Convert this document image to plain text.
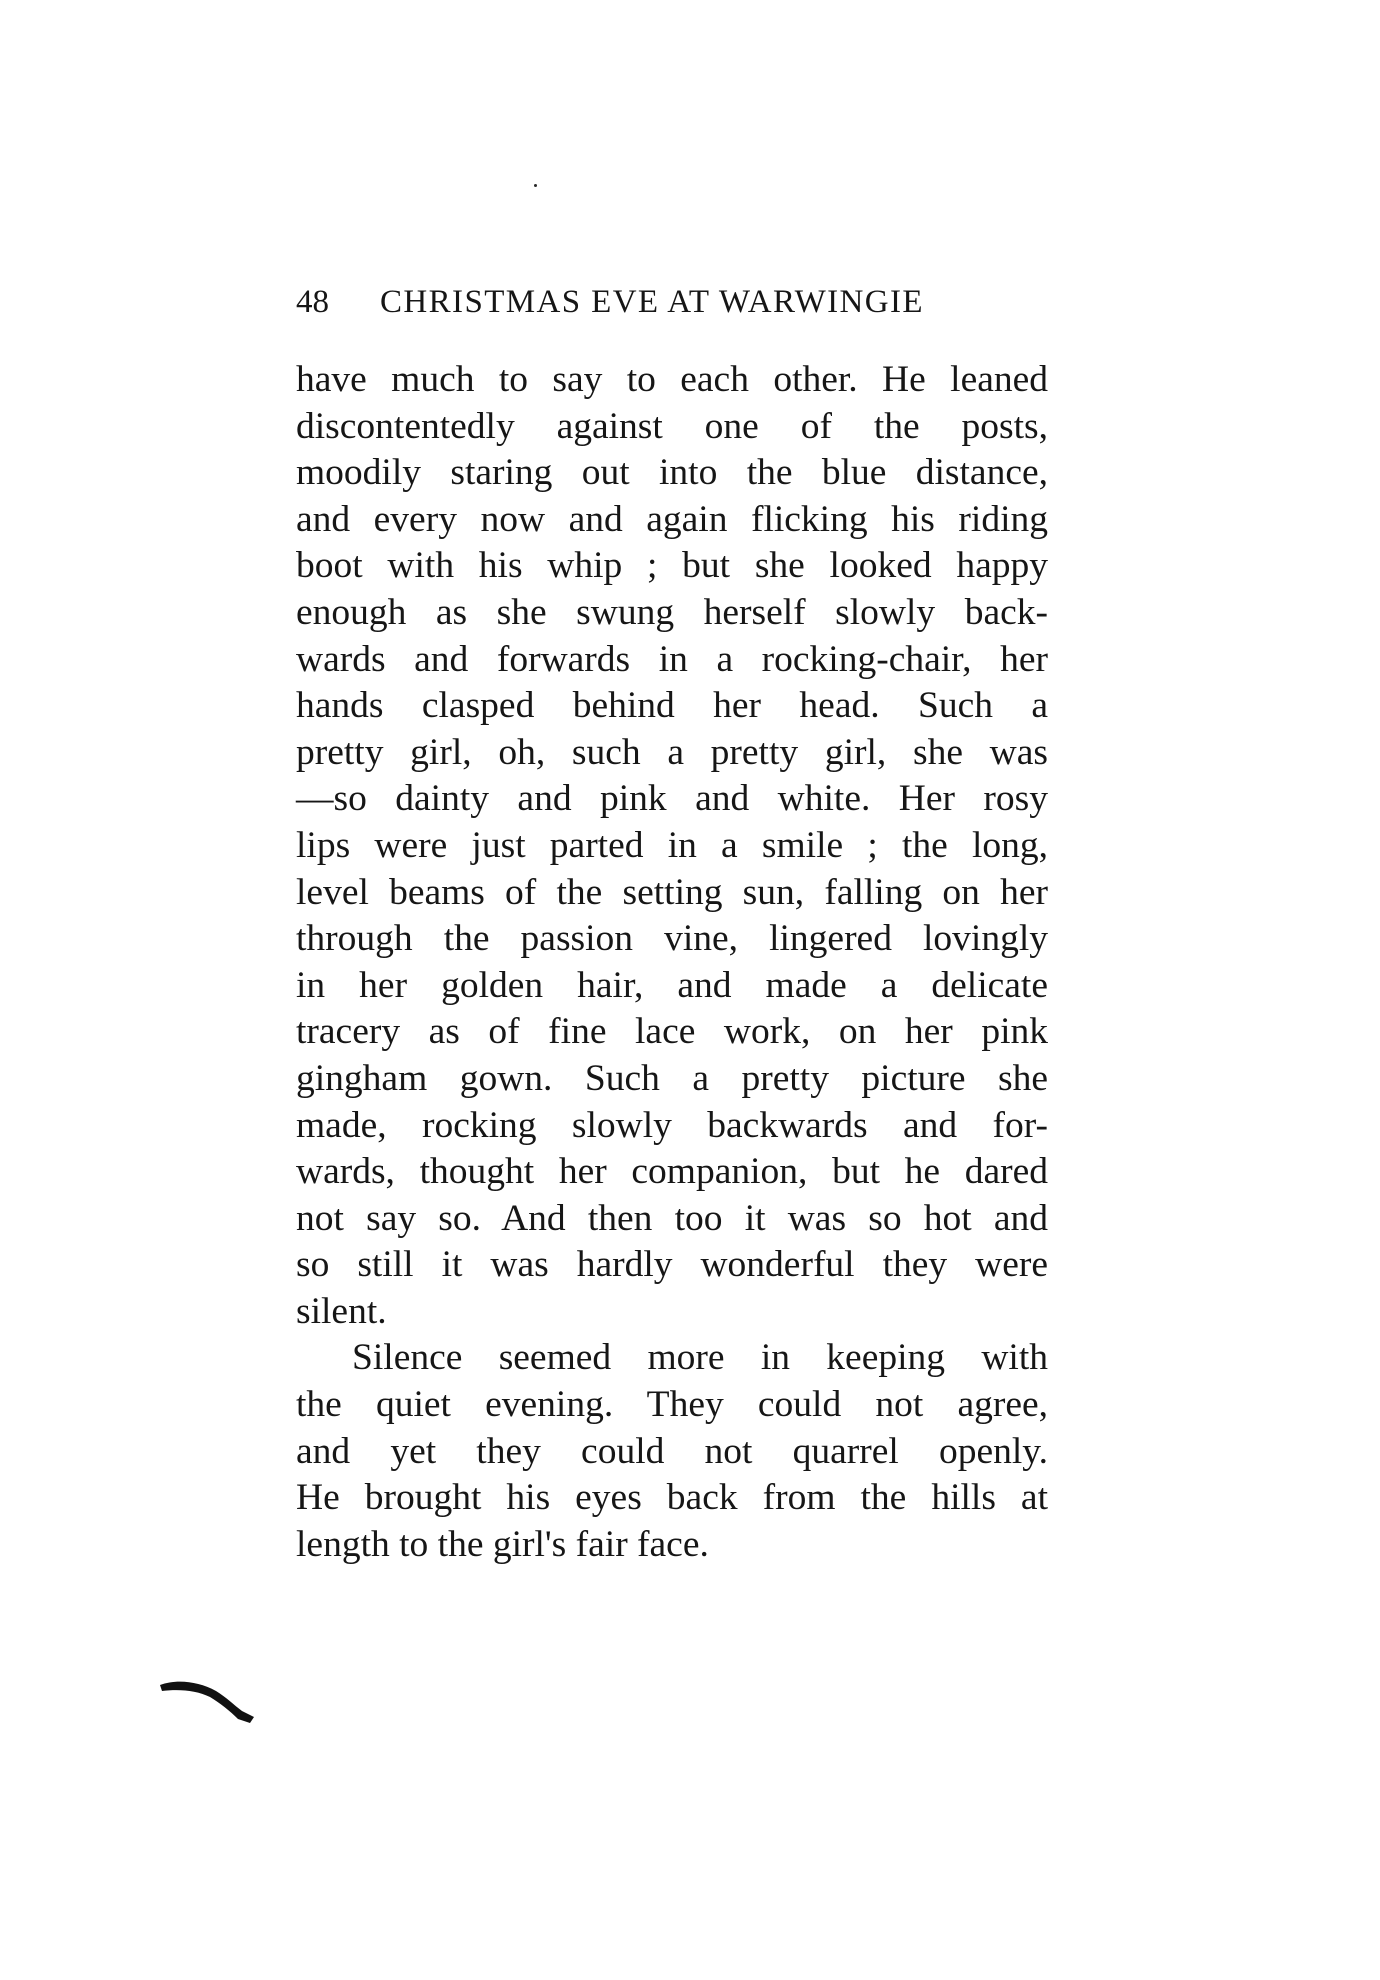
48 CHRISTMAS EVE AT WARWINGIE
have much to say to each other. He leaned
discontentedly against one of the posts,
moodily staring out into the blue distance,
and every now and again flicking his riding
boot with his whip ; but she looked happy
enough as she swung herself slowly back-
wards and forwards in a rocking-chair, her
hands clasped behind her head. Such a
pretty girl, oh, such a pretty girl, she was
—so dainty and pink and white. Her rosy
lips were just parted in a smile ; the long,
level beams of the setting sun, falling on her
through the passion vine, lingered lovingly
in her golden hair, and made a delicate
tracery as of fine lace work, on her pink
gingham gown. Such a pretty picture she
made, rocking slowly backwards and for-
wards, thought her companion, but he dared
not say so. And then too it was so hot and
so still it was hardly wonderful they were
silent.
Silence seemed more in keeping with
the quiet evening. They could not agree,
and yet they could not quarrel openly.
He brought his eyes back from the hills at
length to the girl's fair face.
